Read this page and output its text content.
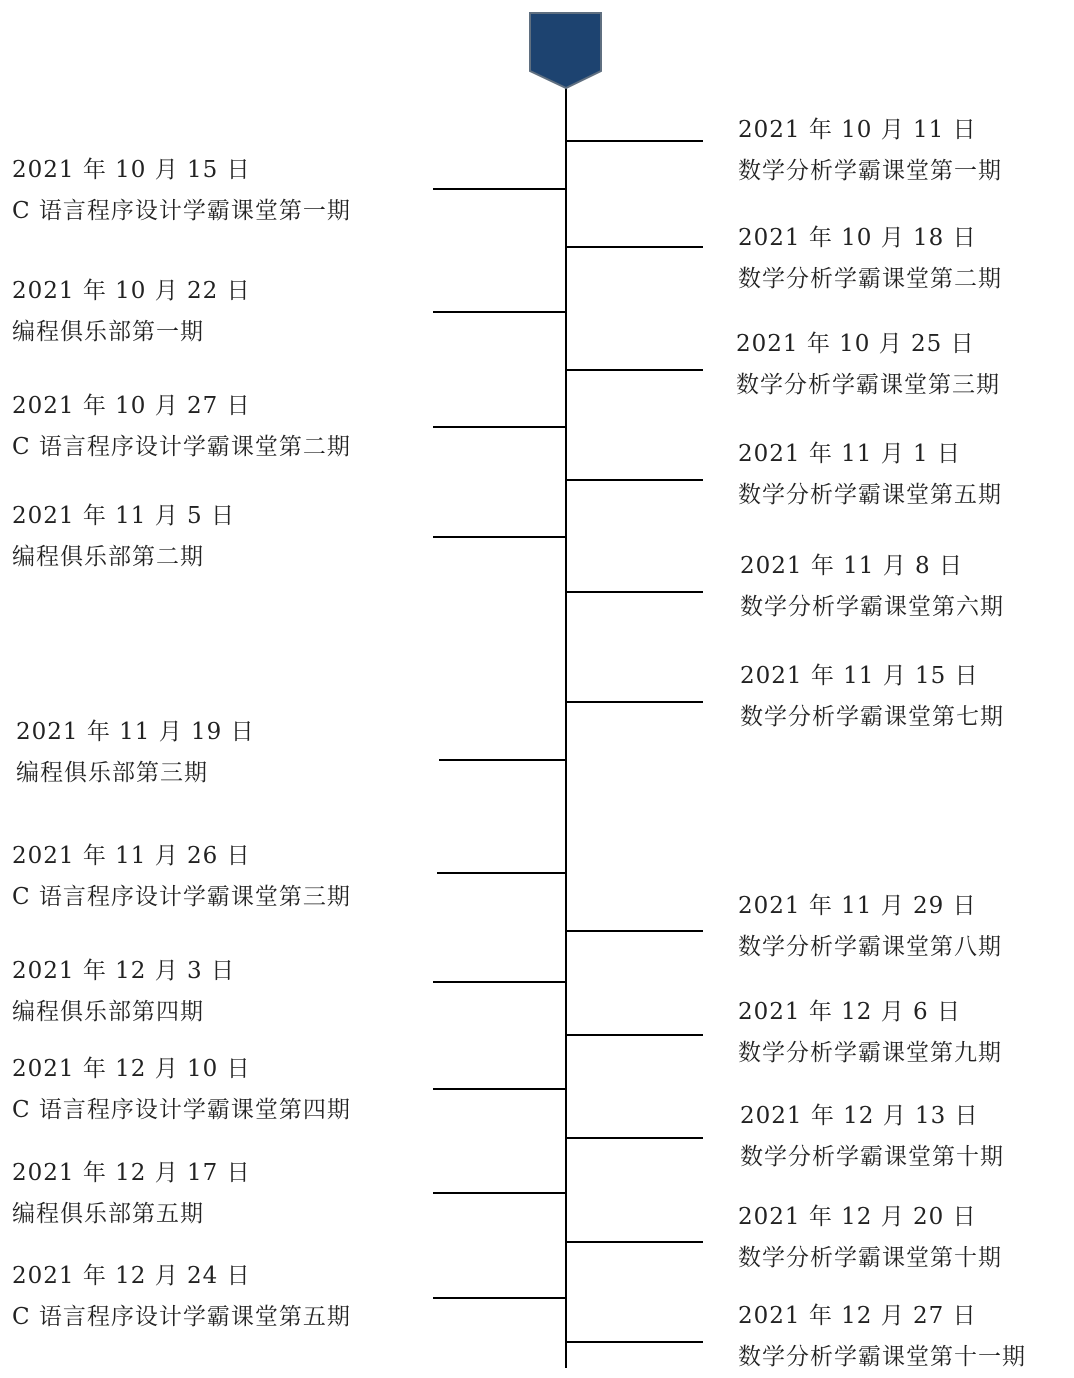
2021 年 10 月 15 日
C 语言程序设计学霸课堂第一期
2021 年 10 月 22 日
编程俱乐部第一期
2021 年 10 月 27 日
C 语言程序设计学霸课堂第二期
2021 年 11 月 5 日
编程俱乐部第二期
2021 年 11 月 19 日
编程俱乐部第三期
2021 年 11 月 26 日
C 语言程序设计学霸课堂第三期
2021 年 12 月 3 日
编程俱乐部第四期
2021 年 12 月 10 日
C 语言程序设计学霸课堂第四期
2021 年 12 月 17 日
编程俱乐部第五期
2021 年 12 月 24 日
C 语言程序设计学霸课堂第五期
2021 年 10 月 11 日
数学分析学霸课堂第一期
2021 年 10 月 18 日
数学分析学霸课堂第二期
2021 年 10 月 25 日
数学分析学霸课堂第三期
2021 年 11 月 1 日
数学分析学霸课堂第五期
2021 年 11 月 8 日
数学分析学霸课堂第六期
2021 年 11 月 15 日
数学分析学霸课堂第七期
2021 年 11 月 29 日
数学分析学霸课堂第八期
2021 年 12 月 6 日
数学分析学霸课堂第九期
2021 年 12 月 13 日
数学分析学霸课堂第十期
2021 年 12 月 20 日
数学分析学霸课堂第十期
2021 年 12 月 27 日
数学分析学霸课堂第十一期
